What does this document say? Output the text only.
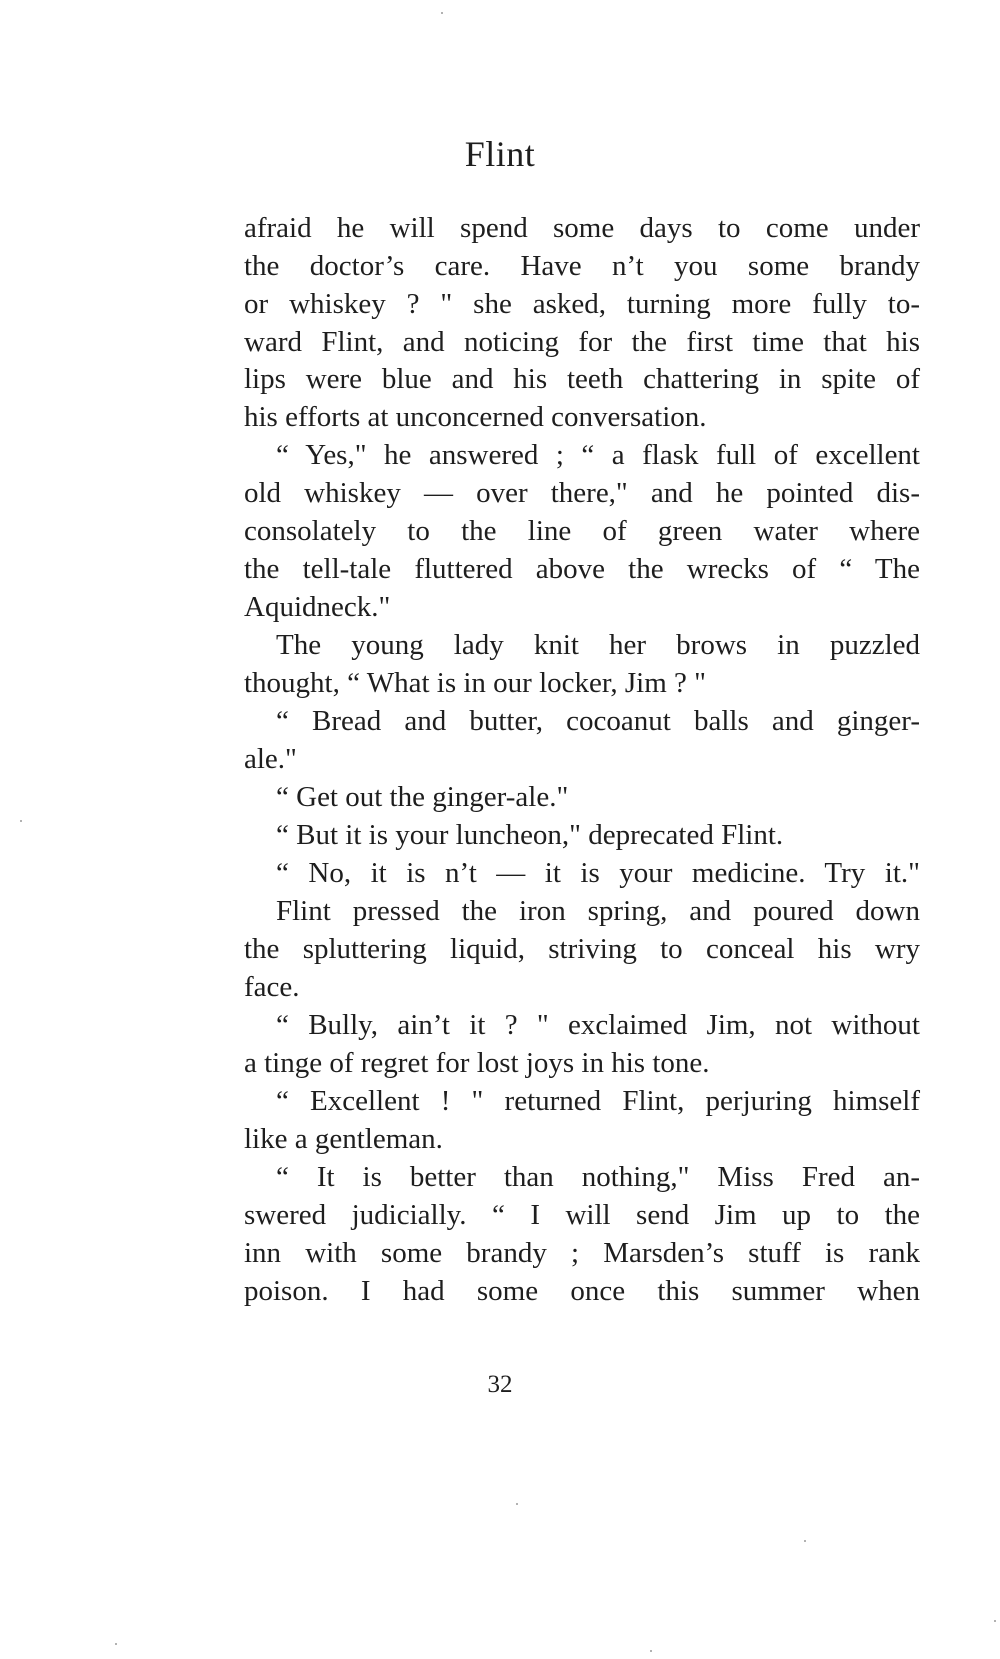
Flint
afraid he will spend some days to come under
the doctor’s care. Have n’t you some brandy
or whiskey ? " she asked, turning more fully to-
ward Flint, and noticing for the first time that his
lips were blue and his teeth chattering in spite of
his efforts at unconcerned conversation.
“ Yes," he answered ; “ a flask full of excellent
old whiskey — over there," and he pointed dis-
consolately to the line of green water where
the tell-tale fluttered above the wrecks of “ The
Aquidneck."
The young lady knit her brows in puzzled
thought, “ What is in our locker, Jim ? "
“ Bread and butter, cocoanut balls and ginger-
ale."
“ Get out the ginger-ale."
“ But it is your luncheon," deprecated Flint.
“ No, it is n’t — it is your medicine. Try it."
Flint pressed the iron spring, and poured down
the spluttering liquid, striving to conceal his wry
face.
“ Bully, ain’t it ? " exclaimed Jim, not without
a tinge of regret for lost joys in his tone.
“ Excellent ! " returned Flint, perjuring himself
like a gentleman.
“ It is better than nothing," Miss Fred an-
swered judicially. “ I will send Jim up to the
inn with some brandy ; Marsden’s stuff is rank
poison. I had some once this summer when
32
